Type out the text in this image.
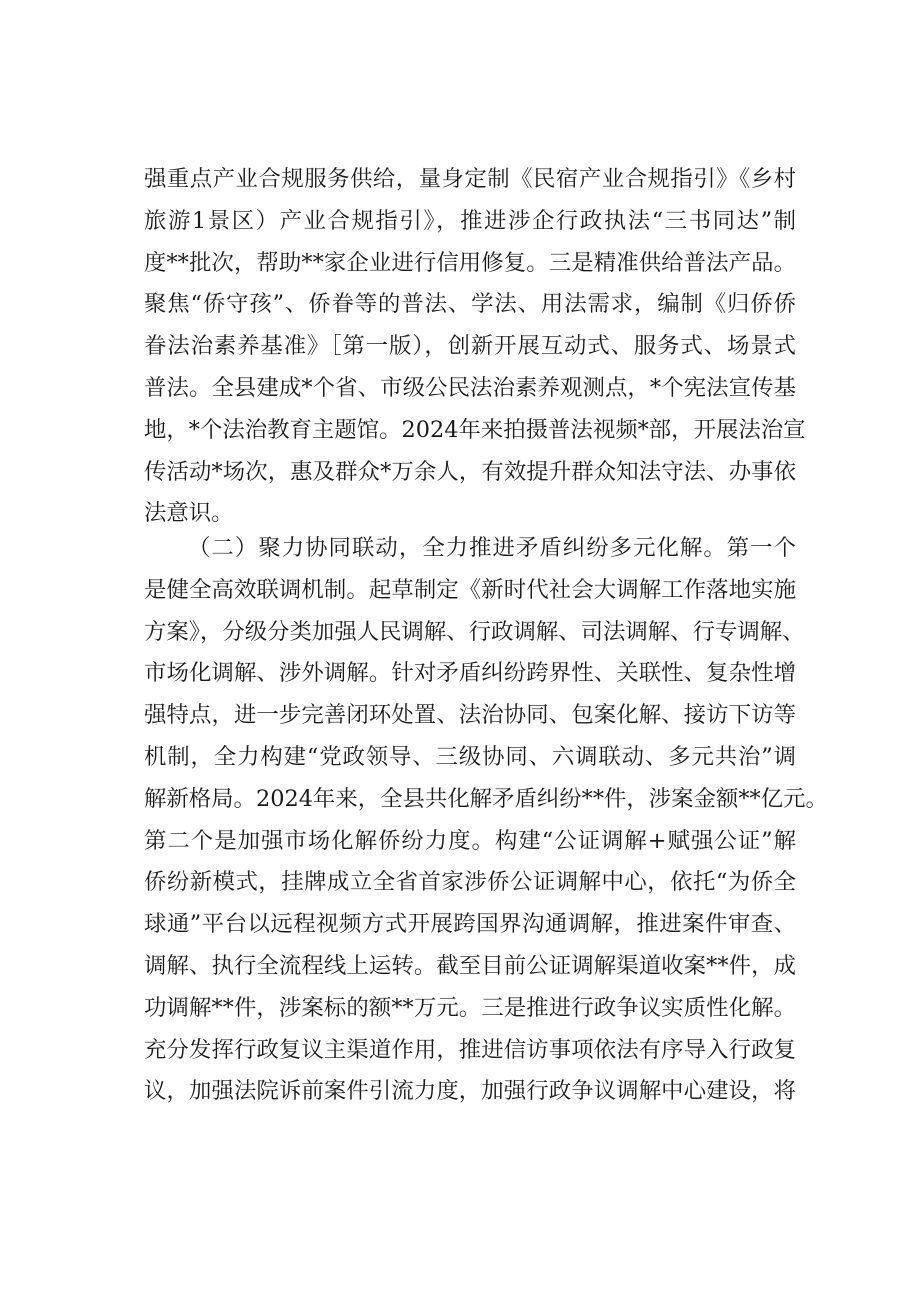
强重点产业合规服务供给，量身定制《民宿产业合规指引》《乡村
旅游1景区）产业合规指引》，推进涉企行政执法“三书同达”制
度**批次，帮助**家企业进行信用修复。三是精准供给普法产品。
聚焦“侨守孩”、侨眷等的普法、学法、用法需求，编制《归侨侨
眷法治素养基准》［第一版），创新开展互动式、服务式、场景式
普法。全县建成*个省、市级公民法治素养观测点，*个宪法宣传基
地，*个法治教育主题馆。2024年来拍摄普法视频*部，开展法治宣
传活动*场次，惠及群众*万余人，有效提升群众知法守法、办事依
法意识。
（二）聚力协同联动，全力推进矛盾纠纷多元化解。第一个
是健全高效联调机制。起草制定《新时代社会大调解工作落地实施
方案》，分级分类加强人民调解、行政调解、司法调解、行专调解、
市场化调解、涉外调解。针对矛盾纠纷跨界性、关联性、复杂性增
强特点，进一步完善闭环处置、法治协同、包案化解、接访下访等
机制，全力构建“党政领导、三级协同、六调联动、多元共治”调
解新格局。2024年来，全县共化解矛盾纠纷**件，涉案金额**亿元。
第二个是加强市场化解侨纷力度。构建“公证调解+赋强公证”解
侨纷新模式，挂牌成立全省首家涉侨公证调解中心，依托“为侨全
球通”平台以远程视频方式开展跨国界沟通调解，推进案件审查、
调解、执行全流程线上运转。截至目前公证调解渠道收案**件，成
功调解**件，涉案标的额**万元。三是推进行政争议实质性化解。
充分发挥行政复议主渠道作用，推进信访事项依法有序导入行政复
议，加强法院诉前案件引流力度，加强行政争议调解中心建设，将
